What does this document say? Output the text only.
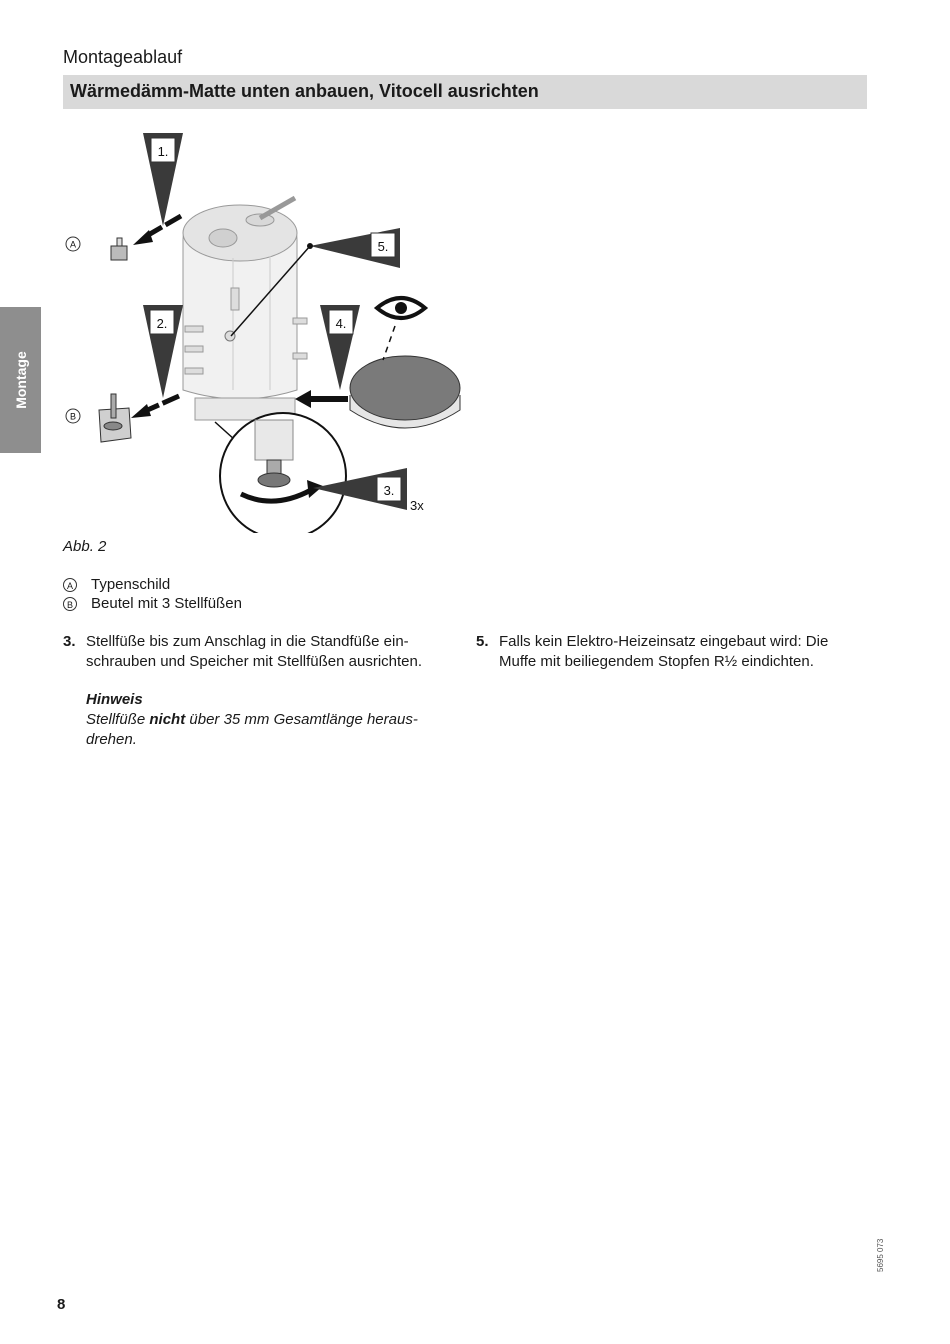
Montageablauf
Wärmedämm-Matte unten anbauen, Vitocell ausrichten
Montage
1.
A	5.
2.
B
4.
3.
3x
Abb. 2
A Typenschild
B Beutel mit 3 Stellfüßen
3. Stellfüße bis zum Anschlag in die Standfüße ein-
schrauben und Speicher mit Stellfüßen ausrichten.
Hinweis
Stellfüße nicht über 35 mm Gesamtlänge heraus-
drehen.
5. Falls kein Elektro-Heizeinsatz eingebaut wird: Die
Muffe mit beiliegendem Stopfen R½ eindichten.
8
5695 073
